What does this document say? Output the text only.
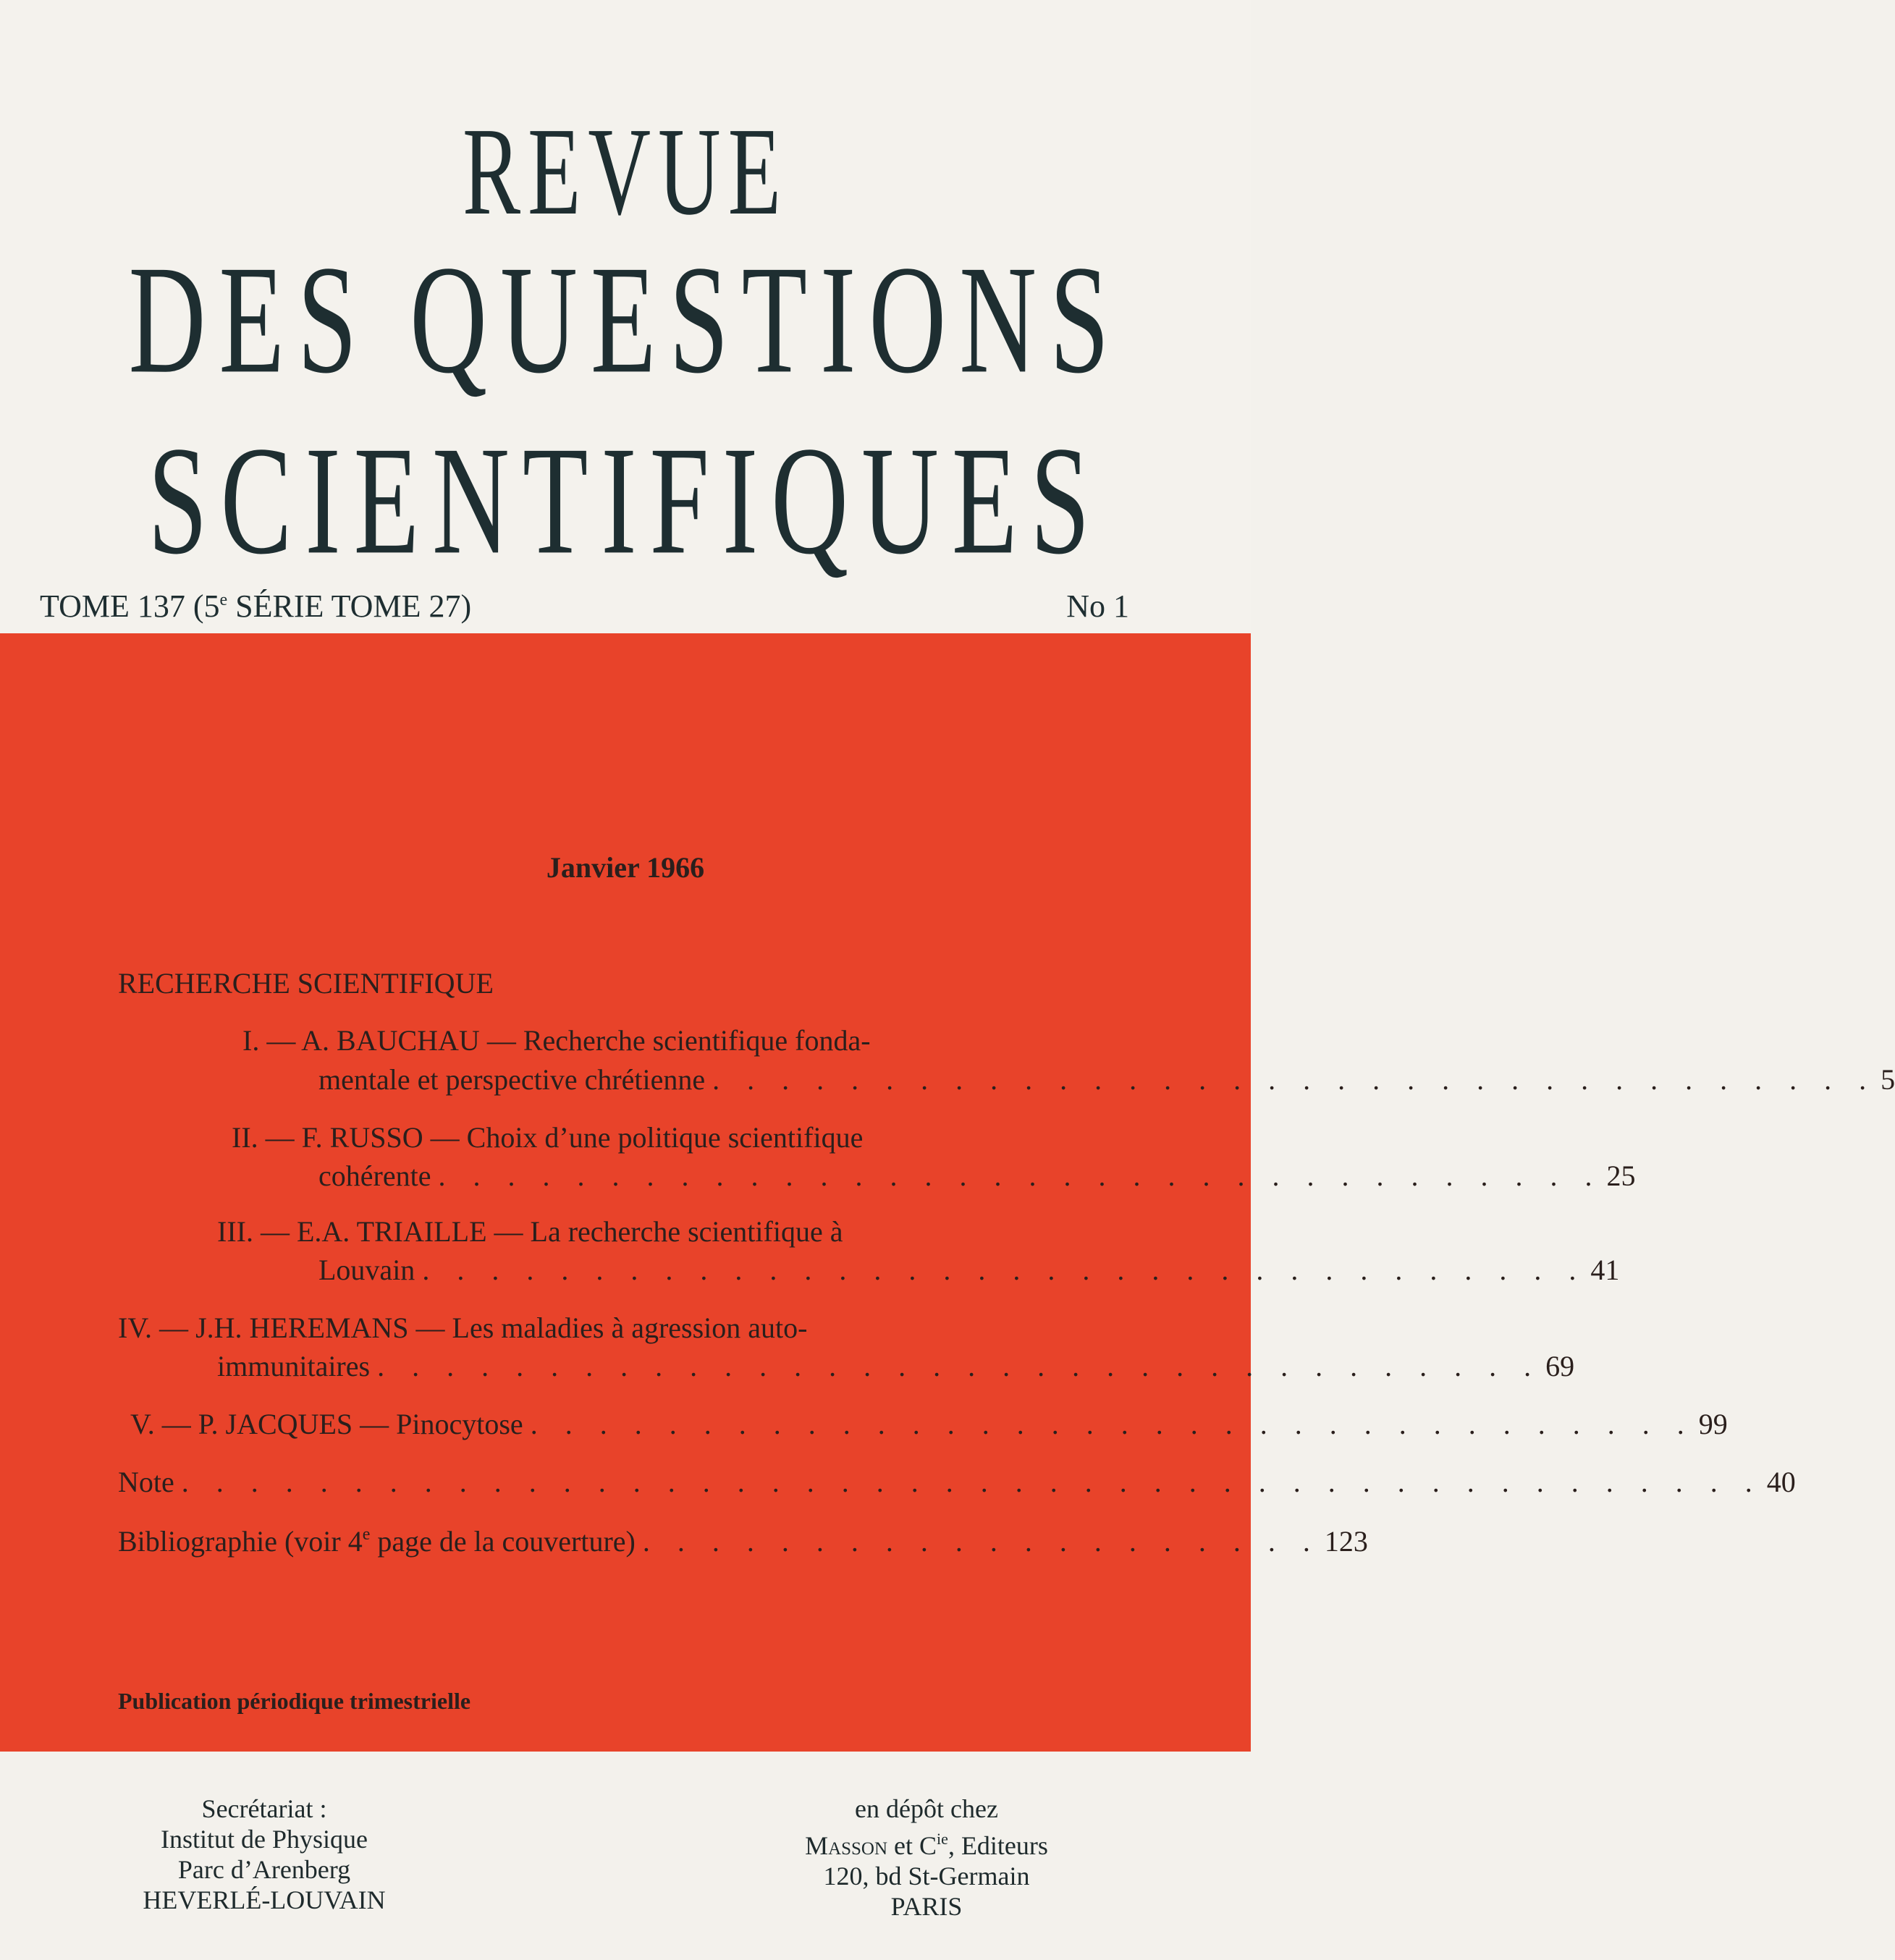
REVUE
DES QUESTIONS
SCIENTIFIQUES
TOME 137 (5e SÉRIE TOME 27)	No 1
Janvier 1966
RECHERCHE SCIENTIFIQUE
I. — A. BAUCHAU — Recherche scientifique fonda-
mentale et perspective chrétienne . . . . . . . . . . . . . . . . . . . . . . . . . . . . . . . . . . 5
II. — F. RUSSO — Choix d’une politique scientifique
cohérente . . . . . . . . . . . . . . . . . . . . . . . . . . . . . . . . . . 25
III. — E.A. TRIAILLE — La recherche scientifique à
Louvain . . . . . . . . . . . . . . . . . . . . . . . . . . . . . . . . . . 41
IV. — J.H. HEREMANS — Les maladies à agression auto-
immunitaires . . . . . . . . . . . . . . . . . . . . . . . . . . . . . . . . . . 69
V. —
P. JACQUES — Pinocytose . . . . . . . . . . . . . . . . . . . . . . . . . . . . . . . . . . 99
Note . . . . . . . . . . . . . . . . . . . . . . . . . . . . . . . . . . . . . . . . . . . . . . 40
Bibliographie (voir 4e page de la couverture) . . . . . . . . . . . . . . . . . . . . 123
Publication périodique trimestrielle
Secrétariat :
Institut de Physique
Parc d’Arenberg
HEVERLÉ-LOUVAIN
en dépôt chez
Masson et $C^{ie}$, Editeurs
120, bd St-Germain
PARIS
